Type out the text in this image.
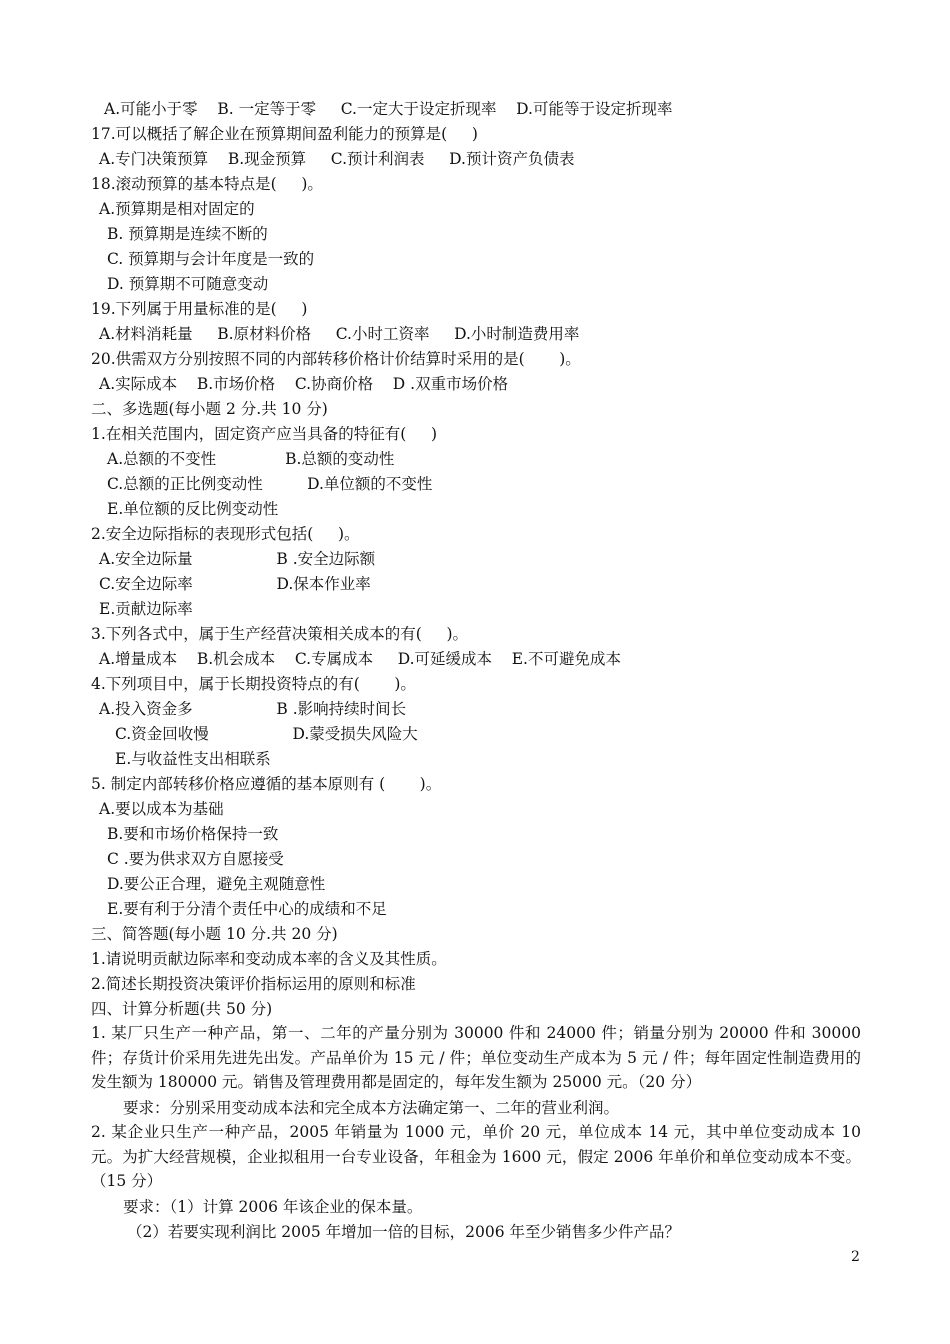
A.可能小于零    B. 一定等于零     C.一定大于设定折现率    D.可能等于设定折现率
17.可以概括了解企业在预算期间盈利能力的预算是(     )
A.专门决策预算    B.现金预算     C.预计利润表     D.预计资产负债表
18.滚动预算的基本特点是(     )。
A.预算期是相对固定的
B. 预算期是连续不断的
C. 预算期与会计年度是一致的
D. 预算期不可随意变动
19.下列属于用量标准的是(     )
A.材料消耗量     B.原材料价格     C.小时工资率     D.小时制造费用率
20.供需双方分别按照不同的内部转移价格计价结算时采用的是(       )。
A.实际成本    B.市场价格    C.协商价格    D .双重市场价格
二、多选题(每小题 2 分.共 10 分)
1.在相关范围内，固定资产应当具备的特征有(     )
A.总额的不变性              B.总额的变动性
C.总额的正比例变动性         D.单位额的不变性
E.单位额的反比例变动性
2.安全边际指标的表现形式包括(     )。
A.安全边际量                 B .安全边际额
C.安全边际率                 D.保本作业率
E.贡献边际率
3.下列各式中，属于生产经营决策相关成本的有(     )。
A.增量成本    B.机会成本    C.专属成本     D.可延缓成本    E.不可避免成本
4.下列项目中，属于长期投资特点的有(       )。
A.投入资金多                 B .影响持续时间长
C.资金回收慢                 D.蒙受损失风险大
E.与收益性支出相联系
5. 制定内部转移价格应遵循的基本原则有 (       )。
A.要以成本为基础
B.要和市场价格保持一致
C .要为供求双方自愿接受
D.要公正合理，避免主观随意性
E.要有利于分清个责任中心的成绩和不足
三、简答题(每小题 10 分.共 20 分)
1.请说明贡献边际率和变动成本率的含义及其性质。
2.简述长期投资决策评价指标运用的原则和标准
四、计算分析题(共 50 分)
要求：分别采用变动成本法和完全成本方法确定第一、二年的营业利润。
要求：（1）计算 2006 年该企业的保本量。
（2）若要实现利润比 2005 年增加一倍的目标，2006 年至少销售多少件产品？
1. 某厂只生产一种产品，第一、二年的产量分别为 30000 件和 24000 件；销量分别为 20000 件和 30000 件；存货计价采用先进先出发。产品单价为 15 元 / 件；单位变动生产成本为 5 元 / 件；每年固定性制造费用的发生额为 180000 元。销售及管理费用都是固定的，每年发生额为 25000 元。（20 分）
2. 某企业只生产一种产品，2005 年销量为 1000 元，单价 20 元，单位成本 14 元，其中单位变动成本 10 元。为扩大经营规模，企业拟租用一台专业设备，年租金为 1600 元，假定 2006 年单价和单位变动成本不变。（15 分）
2
